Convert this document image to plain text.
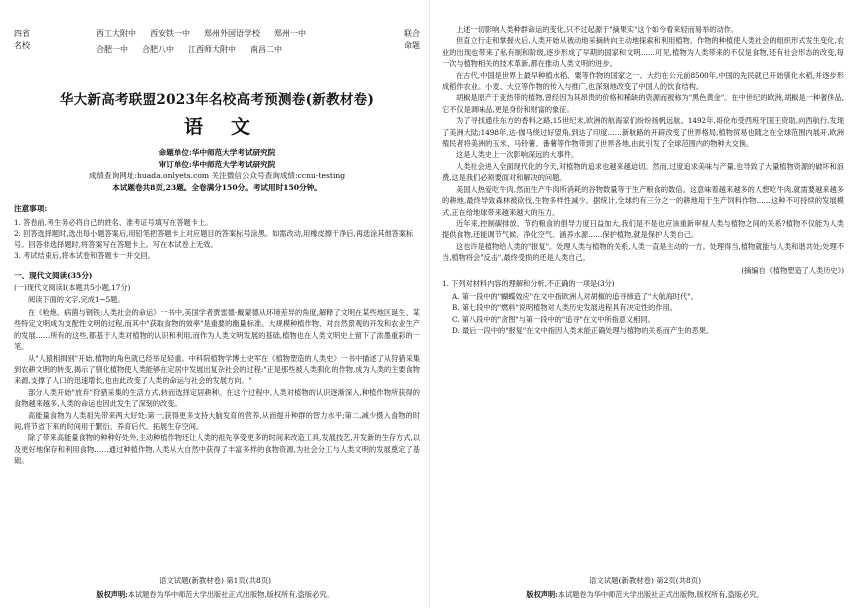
四省
名校
西工大附中 西安铁一中 郑州外国语学校 郑州一中
合肥一中 合肥八中 江西师大附中 南昌二中
联合
命题
华大新高考联盟2023年名校高考预测卷(新教材卷)
语文
命题单位:华中师范大学考试研究院
审订单位:华中师范大学考试研究院
成绩查询网址:huada.onlyets.com 关注微信公众号查询成绩:ccnu-testing
本试题卷共8页,23题。全卷满分150分。考试用时150分钟。
注意事项:

1. 答卷前,考生务必将自己的姓名、准考证号填写在答题卡上。

2. 回答选择题时,选出每小题答案后,用铅笔把答题卡上对应题目的答案标号涂黑。如需改动,用橡皮擦干净后,再选涂其他答案标号。回答非选择题时,将答案写在答题卡上。写在本试卷上无效。

3. 考试结束后,将本试卷和答题卡一并交回。

一、现代文阅读(35分)
(一)现代文阅读Ⅰ(本题共5小题,17分)
阅读下面的文字,完成1~5题。

在《枪炮、病菌与钢铁:人类社会的命运》一书中,美国学者贾雷德·戴蒙德从环境差异的角度,解释了文明在某些地区诞生、某些特定文明成为支配性文明的过程,而其中"获取食物的效率"是重要的衡量标准。大规模种植作物、对自然景观的开发和农业生产的发展……所有的这些,都基于人类对植物的认识和利用,而作为人类文明发展的基础,植物也在人类文明史上留下了浓墨重彩的一笔。

从"人猿相揖别"开始,植物的角色就已经举足轻重。中科院植物学博士史军在《植物塑造的人类史》一书中描述了从狩猎采集到农耕文明的转变,揭示了驯化植物使人类能够在定居中发展出复杂社会的过程:"正是那些被人类驯化的作物,成为人类的主要食物来源,支撑了人口的迅速增长,也由此改变了人类的命运与社会的发展方向。"

部分人类开始"放弃"狩猎采集的生活方式,转而选择定居耕种。在这个过程中,人类对植物的认识逐渐深入,种植作物所获得的食物越来越多,人类的命运也因此发生了深刻的改变。

高能量食物为人类祖先带来两大好处:第一,获得更多支持大脑发育的营养,从而提升种群的智力水平;第二,减少摄入食物的时间,将节省下来的时间用于繁衍、养育后代、拓展生存空间。

除了带来高能量食物的种种好处外,主动种植作物还让人类的祖先享受更多的时间来改造工具,发展技艺,开发新的生存方式,以及更好地保存和利用食物……通过种植作物,人类从大自然中获得了丰富多样的食物资源,为社会分工与人类文明的发展奠定了基础。

语文试题(新教材卷) 第1页(共8页)
版权声明:本试题卷为华中师范大学出版社正式出版物,版权所有,盗版必究。

上述一切影响人类种群命运的变化,只不过起源于"摘果实"这个如今看来轻而易举的动作。

但直立行走和掌握火后,人类开始从被动地采摘转向主动地探索和利用植物。作物的种植使人类社会的组织形式发生变化,农业的出现也带来了私有制和阶级,逐步形成了早期的国家和文明……可见,植物为人类带来的不仅是食物,还有社会形态的改变,每一次与植物相关的技术革新,都在推动人类文明的进步。

在古代,中国是世界上最早种植水稻、粟等作物的国家之一。大约在公元前8500年,中国的先民就已开始驯化水稻,并逐步形成稻作农业。小麦、大豆等作物的传入与推广,也深刻地改变了中国人的饮食结构。

胡椒是原产于亚热带的植物,曾经因为其昂贵的价格和稀缺的资源而被称为"黑色黄金"。在中世纪的欧洲,胡椒是一种奢侈品,它不仅是调味品,更是身份和财富的象征。

为了寻找通往东方的香料之路,15世纪末,欧洲的航海家们纷纷扬帆远航。1492年,哥伦布受西班牙国王资助,向西航行,发现了美洲大陆;1498年,达·伽马绕过好望角,到达了印度……新航路的开辟改变了世界格局,植物贸易也随之在全球范围内展开,欧洲殖民者将美洲的玉米、马铃薯、番薯等作物带到了世界各地,由此引发了全球范围内的物种大交换。

这是人类史上一次影响深远的大事件。

人类社会进入全面现代化的今天,对植物的追求也越来越迫切。然而,过度追求美味与产量,也导致了大量植物资源的破坏和浪费,这是我们必须要面对和解决的问题。

美国人热爱吃牛肉,然而生产牛肉所消耗的谷物数量等于生产粮食的数倍。这意味着越来越多的人想吃牛肉,就需要越来越多的耕地,最终导致森林被砍伐,生物多样性减少。据统计,全球约有三分之一的耕地用于生产饲料作物……这种不可持续的发展模式,正在给地球带来越来越大的压力。

近年来,控制碳排放、节约粮食的倡导力度日益加大,我们是不是也应该重新审视人类与植物之间的关系?植物不仅能为人类提供食物,还能调节气候、净化空气、涵养水源……保护植物,就是保护人类自己。

这也许是植物给人类的"报复"。处理人类与植物的关系,人类一直是主动的一方。处理得当,植物就能与人类和谐共处;处理不当,植物将会"反击",最终受损的还是人类自己。

(摘编自《植物塑造了人类历史》)
1. 下列对材料内容的理解和分析,不正确的一项是(3分)
A. 第一段中的"蝴蝶效应"在文中指欧洲人对胡椒的追寻缔造了"大航海时代"。
B. 第七段中的"燃料"说明植物对人类历史发展进程具有决定性的作用。
C. 第八段中的"贪图"与第一段中的"追寻"在文中所指意义相同。
D. 最后一段中的"报复"在文中指因人类未能正确处理与植物的关系而产生的恶果。
语文试题(新教材卷) 第2页(共8页)
版权声明:本试题卷为华中师范大学出版社正式出版物,版权所有,盗版必究。
